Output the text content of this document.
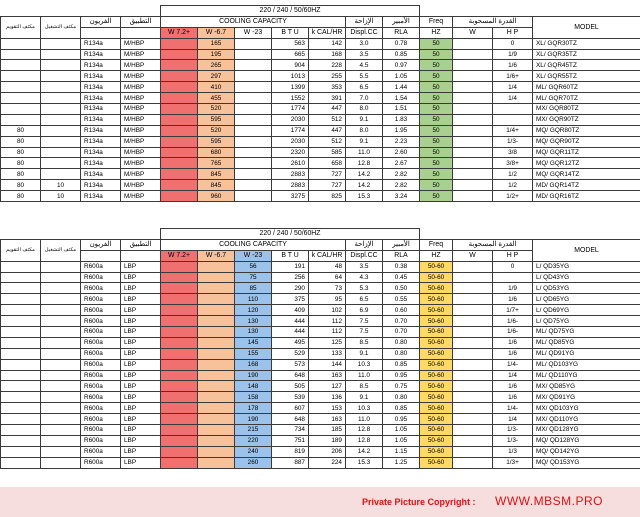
				220 / 240 / 50/60HZ										
مكثف التقويم	مكثف التشغيل	الفريون	التطبيق	COOLING CAPACITY					الإزاحة	الأمبير	Freq	القدرة المسحوبة		MODEL
				W 7.2+	W -6.7	W -23	B T U	k CAL/HR	Displ.CC	RLA	HZ	W	H P	
		R134a	M/HBP		165		563	142	3.0	0.78	50		0	XL/ GQR30TZ
		R134a	M/HBP		195		665	168	3.5	0.85	50		1/9	XL/ GQR35TZ
		R134a	M/HBP		265		904	228	4.5	0.97	50		1/6	XL/ GQR45TZ
		R134a	M/HBP		297		1013	255	5.5	1.05	50		1/6+	XL/ GQR55TZ
		R134a	M/HBP		410		1399	353	6.5	1.44	50		1/4	ML/ GQR60TZ
		R134a	M/HBP		455		1552	391	7.0	1.54	50		1/4	ML/ GQR70TZ
		R134a	M/HBP		520		1774	447	8.0	1.51	50			MX/ GQR80TZ
		R134a	M/HBP		595		2030	512	9.1	1.83	50			MX/ GQR90TZ
80		R134a	M/HBP		520		1774	447	8.0	1.95	50		1/4+	MQ/ GQR80TZ
80		R134a	M/HBP		595		2030	512	9.1	2.23	50		1/3-	MQ/ GQR90TZ
80		R134a	M/HBP		680		2320	585	11.0	2.60	50		3/8	MQ/ GQR11TZ
80		R134a	M/HBP		765		2610	658	12.8	2.67	50		3/8+	MQ/ GQR12TZ
80		R134a	M/HBP		845		2883	727	14.2	2.82	50		1/2	MQ/ GQR14TZ
80	10	R134a	M/HBP		845		2883	727	14.2	2.82	50		1/2	MD/ GQR14TZ
80	10	R134a	M/HBP		960		3275	825	15.3	3.24	50		1/2+	MD/ GQR16TZ
				220 / 240 / 50/60HZ										
مكثف التقويم	مكثف التشغيل	الفريون	التطبيق	COOLING CAPACITY					الإزاحة	الأمبير	Freq	القدرة المسحوبة		MODEL
				W 7.2+	W -6.7	W -23	B T U	k CAL/HR	Displ.CC	RLA	HZ	W	H P	
		R600a	LBP			56	191	48	3.5	0.38	50-60		0	L/ QD35YG
		R600a	LBP			75	256	64	4.3	0.45	50-60			L/ QD43YG
		R600a	LBP			85	290	73	5.3	0.50	50-60		1/9	L/ QD53YG
		R600a	LBP			110	375	95	6.5	0.55	50-60		1/6	L/ QD65YG
		R600a	LBP			120	409	102	6.9	0.60	50-60		1/7+	L/ QD69YG
		R600a	LBP			130	444	112	7.5	0.70	50-60		1/6-	L/ QD75YG
		R600a	LBP			130	444	112	7.5	0.70	50-60		1/6-	ML/ QD75YG
		R600a	LBP			145	495	125	8.5	0.80	50-60		1/6	ML/ QD85YG
		R600a	LBP			155	529	133	9.1	0.80	50-60		1/6	ML/ QD91YG
		R600a	LBP			168	573	144	10.3	0.85	50-60		1/4-	ML/ QD103YG
		R600a	LBP			190	648	163	11.0	0.95	50-60		1/4	ML/ QD110YG
		R600a	LBP			148	505	127	8.5	0.75	50-60		1/6	MX/ QD85YG
		R600a	LBP			158	539	136	9.1	0.80	50-60		1/6	MX/ QD91YG
		R600a	LBP			178	607	153	10.3	0.85	50-60		1/4-	MX/ QD103YG
		R600a	LBP			190	648	163	11.0	0.95	50-60		1/4	MX/ QD110YG
		R600a	LBP			215	734	185	12.8	1.05	50-60		1/3-	MX/ QD128YG
		R600a	LBP			220	751	189	12.8	1.05	50-60		1/3-	MQ/ QD128YG
		R600a	LBP			240	819	206	14.2	1.15	50-60		1/3	MQ/ QD142YG
		R600a	LBP			260	887	224	15.3	1.25	50-60		1/3+	MQ/ QD153YG
Private Picture Copyright : WWW.MBSM.PRO
